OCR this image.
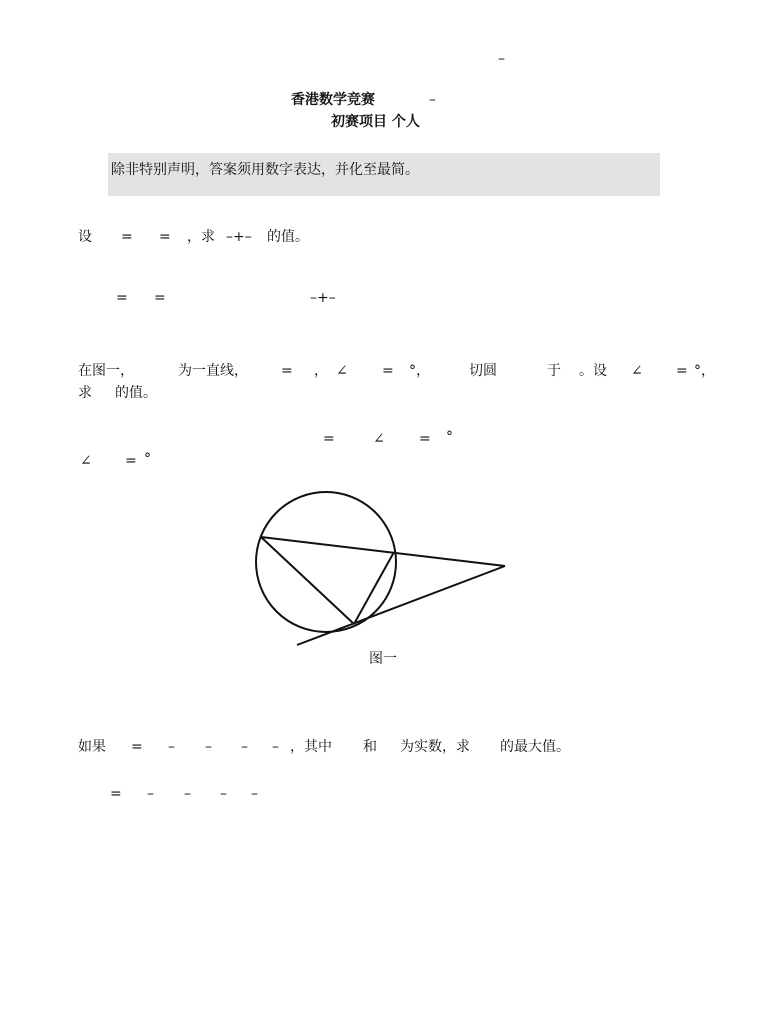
–
香港数学竞赛	–
初赛项目 个人
除非特别声明，答案须用数字表达，并化至最简。
设 = = ，求 –+– 的值。
= =	–+–
在图一，	为一直线， = ， ∠ = °，	切圆	于 。设 ∠ = °，
求 的值。
=	∠ = °
∠ = °
图一
如果 = – – – – ，其中 和 为实数，求 的最大值。
= – – – –
